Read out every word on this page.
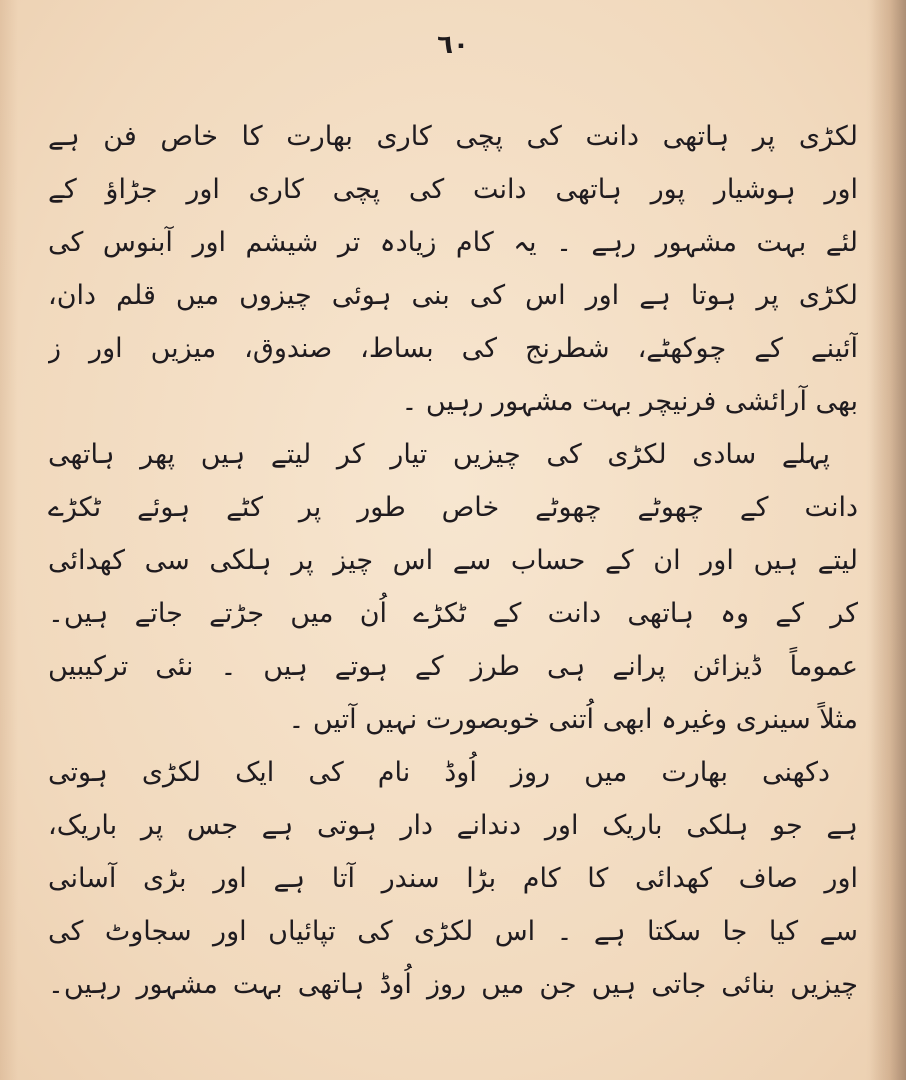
٦٠
لکڑی پر ہاتھی دانت کی پچی کاری بھارت کا خاص فن ہے
اور ہوشیار پور ہاتھی دانت کی پچی کاری اور جڑاؤ کے
لئے بہت مشہور رہے ۔ یہ کام زیادہ تر شیشم اور آبنوس کی
لکڑی پر ہوتا ہے اور اس کی بنی ہوئی چیزوں میں قلم دان،
آئینے کے چوکھٹے، شطرنج کی بساط، صندوق، میزیں اور ز
بھی آرائشی فرنیچر بہت مشہور رہیں ۔
پہلے سادی لکڑی کی چیزیں تیار کر لیتے ہیں پھر ہاتھی
دانت کے چھوٹے چھوٹے خاص طور پر کٹے ہوئے ٹکڑے
لیتے ہیں اور ان کے حساب سے اس چیز پر ہلکی سی کھدائی
کر کے وہ ہاتھی دانت کے ٹکڑے اُن میں جڑتے جاتے ہیں۔
عموماً ڈیزائن پرانے ہی طرز کے ہوتے ہیں ۔ نئی ترکیبیں
مثلاً سینری وغیرہ ابھی اُتنی خوبصورت نہیں آتیں ۔
دکھنی بھارت میں روز اُوڈ نام کی ایک لکڑی ہوتی
ہے جو ہلکی باریک اور دندانے دار ہوتی ہے جس پر باریک،
اور صاف کھدائی کا کام بڑا سندر آتا ہے اور بڑی آسانی
سے کیا جا سکتا ہے ۔ اس لکڑی کی تپائیاں اور سجاوٹ کی
چیزیں بنائی جاتی ہیں جن میں روز اُوڈ ہاتھی بہت مشہور رہیں۔
